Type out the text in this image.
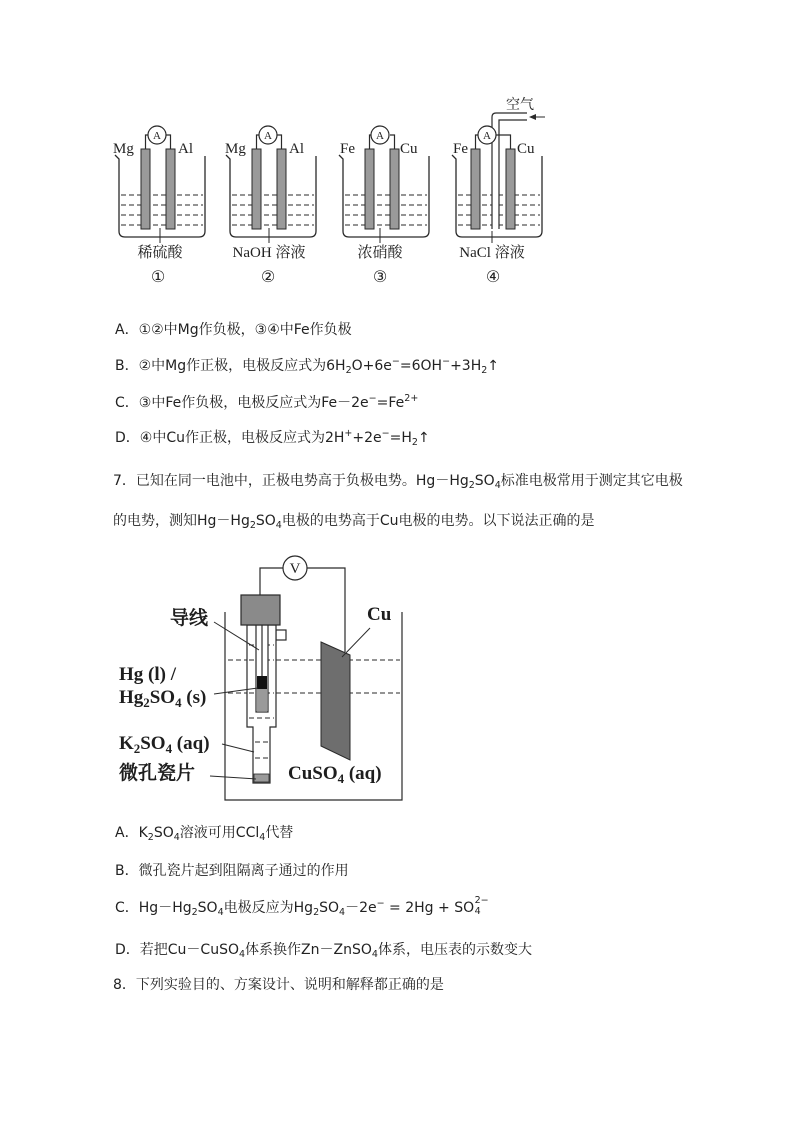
A
Mg	Al
稀硫酸
①
A
Mg	Al
NaOH 溶液
②
A
Fe	Cu
浓硝酸
③
A
空气
Fe	Cu
NaCl 溶液
④
A．①②中Mg作负极，③④中Fe作负极
B．②中Mg作正极，电极反应式为$6H_2O+6e^-=6OH^-+3H_2↑$
C．③中Fe作负极，电极反应式为$Fe-2e^-=Fe^{2+}$
D．④中Cu作正极，电极反应式为$2H^++2e^-=H_2↑$
7．已知在同一电池中，正极电势高于负极电势。$Hg-Hg_2SO_4$标准电极常用于测定其它电极
的电势，测知$Hg-Hg_2SO_4$电极的电势高于Cu电极的电势。以下说法正确的是
V
导线	Cu
Hg (l) /
$Hg_2SO_4$ (s)
$K_2SO_4$ (aq)
微孔瓷片	CuSO$_4$ (aq)
A．$K_2SO_4$溶液可用CCl$_4$代替
B．微孔瓷片起到阻隔离子通过的作用
C．$Hg-Hg_2SO_4$电极反应为$Hg_2SO_4-2e^- = 2Hg$ + SO 2−
4
D．若把Cu－CuSO$_4$体系换作Zn－ZnSO$_4$体系，电压表的示数变大
8．下列实验目的、方案设计、说明和解释都正确的是
